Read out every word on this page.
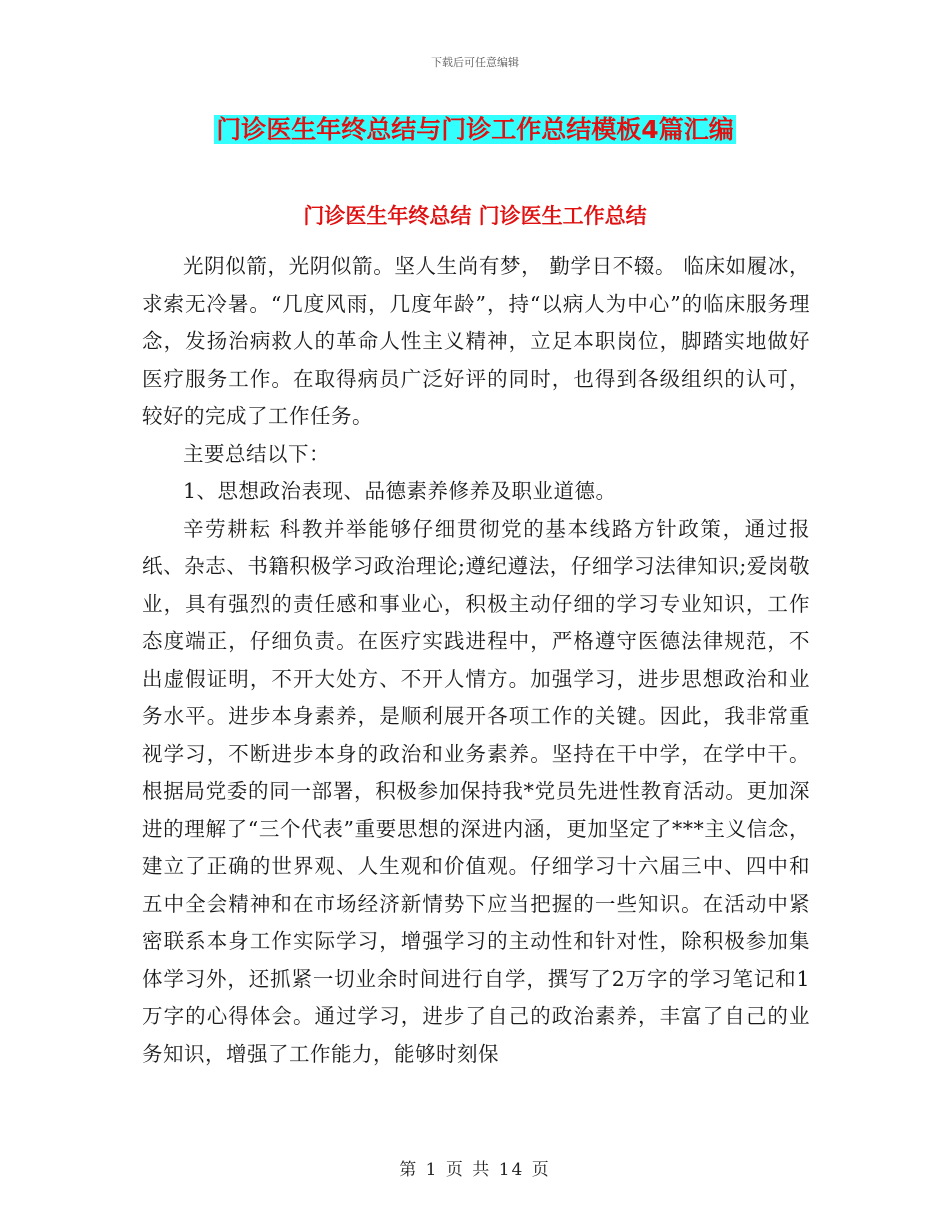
下载后可任意编辑
门诊医生年终总结与门诊工作总结模板4篇汇编
门诊医生年终总结 门诊医生工作总结

光阴似箭，光阴似箭。坚人生尚有梦， 勤学日不辍。 临床如履冰， 求索无冷暑。“几度风雨，几度年龄”，持“以病人为中心”的临床服务理念，发扬治病救人的革命人性主义精神，立足本职岗位，脚踏实地做好医疗服务工作。在取得病员广泛好评的同时，也得到各级组织的认可，较好的完成了工作任务。

主要总结以下：

1、思想政治表现、品德素养修养及职业道德。

辛劳耕耘 科教并举能够仔细贯彻党的基本线路方针政策，通过报纸、杂志、书籍积极学习政治理论;遵纪遵法，仔细学习法律知识;爱岗敬业，具有强烈的责任感和事业心，积极主动仔细的学习专业知识，工作态度端正，仔细负责。在医疗实践进程中，严格遵守医德法律规范，不出虚假证明，不开大处方、不开人情方。加强学习，进步思想政治和业务水平。进步本身素养，是顺利展开各项工作的关键。因此，我非常重视学习，不断进步本身的政治和业务素养。坚持在干中学，在学中干。根据局党委的同一部署，积极参加保持我*党员先进性教育活动。更加深进的理解了“三个代表”重要思想的深进内涵，更加坚定了***主义信念，建立了正确的世界观、人生观和价值观。仔细学习十六届三中、四中和五中全会精神和在市场经济新情势下应当把握的一些知识。在活动中紧密联系本身工作实际学习，增强学习的主动性和针对性，除积极参加集体学习外，还抓紧一切业余时间进行自学，撰写了2万字的学习笔记和1万字的心得体会。通过学习，进步了自己的政治素养，丰富了自己的业务知识，增强了工作能力，能够时刻保

第 1 页 共 14 页
